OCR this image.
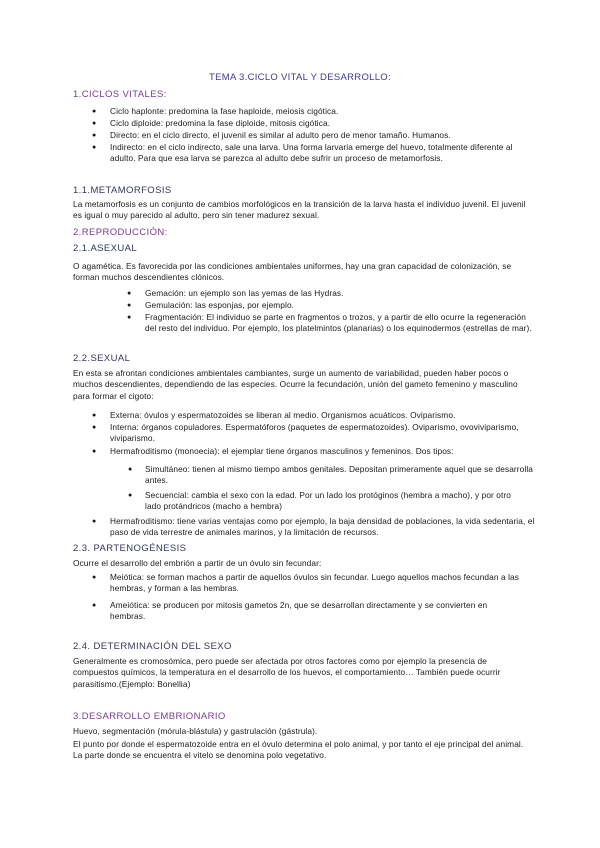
TEMA 3.CICLO VITAL Y DESARROLLO:
1.CICLOS VITALES:
● Ciclo haplonte: predomina la fase haploide, meiosis cigótica.
● Ciclo diploide: predomina la fase diploide, mitosis cigótica.
● Directo: en el ciclo directo, el juvenil es similar al adulto pero de menor tamaño. Humanos.
● Indirecto: en el ciclo indirecto, sale una larva. Una forma larvaria emerge del huevo, totalmente diferente al adulto. Para que esa larva se parezca al adulto debe sufrir un proceso de metamorfosis.
1.1.METAMORFOSIS
La metamorfosis es un conjunto de cambios morfológicos en la transición de la larva hasta el individuo juvenil. El juvenil es igual o muy parecido al adulto, pero sin tener madurez sexual.
2.REPRODUCCIÓN:
2.1.ASEXUAL
O agamética. Es favorecida por las condiciones ambientales uniformes, hay una gran capacidad de colonización, se forman muchos descendientes clónicos.
● Gemación: un ejemplo son las yemas de las Hydras.
● Gemulación: las esponjas, por ejemplo.
● Fragmentación: El individuo se parte en fragmentos o trozos, y a partir de ello ocurre la regeneración del resto del individuo. Por ejemplo, los platelmintos (planarias) o los equinodermos (estrellas de mar).
2.2.SEXUAL
En esta se afrontan condiciones ambientales cambiantes, surge un aumento de variabilidad, pueden haber pocos o muchos descendientes, dependiendo de las especies. Ocurre la fecundación, unión del gameto femenino y masculino para formar el cigoto:
● Externa: óvulos y espermatozoides se liberan al medio. Organismos acuáticos. Oviparismo.
● Interna: órganos copuladores. Espermatóforos (paquetes de espermatozoides). Oviparismo, ovoviviparismo, viviparismo.
● Hermafroditismo (monoecia): el ejemplar tiene órganos masculinos y femeninos. Dos tipos:
● Simultáneo: tienen al mismo tiempo ambos genitales. Depositan primeramente aquel que se desarrolla antes.
● Secuencial: cambia el sexo con la edad. Por un lado los protóginos (hembra a macho), y por otro lado protándricos (macho a hembra)
● Hermafroditismo: tiene varias ventajas como por ejemplo, la baja densidad de poblaciones, la vida sedentaria, el paso de vida terrestre de animales marinos, y la limitación de recursos.
2.3. PARTENOGÉNESIS
Ocurre el desarrollo del embrión a partir de un óvulo sin fecundar:
● Meiótica: se forman machos a partir de aquellos óvulos sin fecundar. Luego aquellos machos fecundan a las hembras, y forman a las hembras.
● Ameiótica: se producen por mitosis gametos 2n, que se desarrollan directamente y se convierten en hembras.
2.4. DETERMINACIÓN DEL SEXO
Generalmente es cromosómica, pero puede ser afectada por otros factores como por ejemplo la presencia de compuestos químicos, la temperatura en el desarrollo de los huevos, el comportamiento… También puede ocurrir parasitismo.(Ejemplo: Bonellia)
3.DESARROLLO EMBRIONARIO
Huevo, segmentación (mórula-blástula) y gastrulación (gástrula).
El punto por donde el espermatozoide entra en el óvulo determina el polo animal, y por tanto el eje principal del animal. La parte donde se encuentra el vitelo se denomina polo vegetativo.
